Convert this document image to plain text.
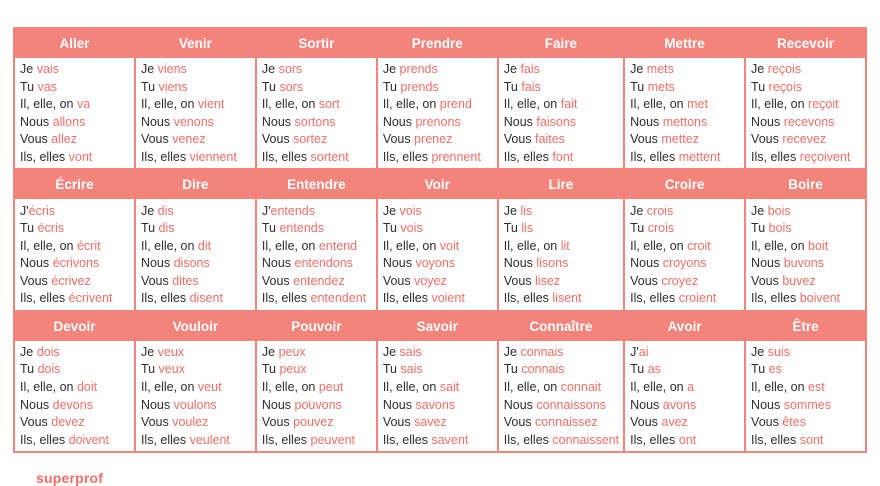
Aller
Je vais
Tu vas
Il, elle, on va
Nous allons
Vous allez
Ils, elles vont
Venir
Je viens
Tu viens
Il, elle, on vient
Nous venons
Vous venez
Ils, elles viennent
Sortir
Je sors
Tu sors
Il, elle, on sort
Nous sortons
Vous sortez
Ils, elles sortent
Prendre
Je prends
Tu prends
Il, elle, on prend
Nous prenons
Vous prenez
Ils, elles prennent
Faire
Je fais
Tu fais
Il, elle, on fait
Nous faisons
Vous faites
Ils, elles font
Mettre
Je mets
Tu mets
Il, elle, on met
Nous mettons
Vous mettez
Ils, elles mettent
Recevoir
Je reçois
Tu reçois
Il, elle, on reçoit
Nous recevons
Vous recevez
Ils, elles reçoivent
Écrire
J'écris
Tu écris
Il, elle, on écrit
Nous écrivons
Vous écrivez
Ils, elles écrivent
Dire
Je dis
Tu dis
Il, elle, on dit
Nous disons
Vous dites
Ils, elles disent
Entendre
J'entends
Tu entends
Il, elle, on entend
Nous entendons
Vous entendez
Ils, elles entendent
Voir
Je vois
Tu vois
Il, elle, on voit
Nous voyons
Vous voyez
Ils, elles voient
Lire
Je lis
Tu lis
Il, elle, on lit
Nous lisons
Vous lisez
Ils, elles lisent
Croire
Je crois
Tu crois
Il, elle, on croit
Nous croyons
Vous croyez
Ils, elles croient
Boire
Je bois
Tu bois
Il, elle, on boit
Nous buvons
Vous buvez
Ils, elles boivent
Devoir
Je dois
Tu dois
Il, elle, on doit
Nous devons
Vous devez
Ils, elles doivent
Vouloir
Je veux
Tu veux
Il, elle, on veut
Nous voulons
Vous voulez
Ils, elles veulent
Pouvoir
Je peux
Tu peux
Il, elle, on peut
Nous pouvons
Vous pouvez
Ils, elles peuvent
Savoir
Je sais
Tu sais
Il, elle, on sait
Nous savons
Vous savez
Ils, elles savent
Connaître
Je connais
Tu connais
Il, elle, on connait
Nous connaissons
Vous connaissez
Ils, elles connaissent
Avoir
J'ai
Tu as
Il, elle, on a
Nous avons
Vous avez
Ils, elles ont
Être
Je suis
Tu es
Il, elle, on est
Nous sommes
Vous êtes
Ils, elles sont
superprof
